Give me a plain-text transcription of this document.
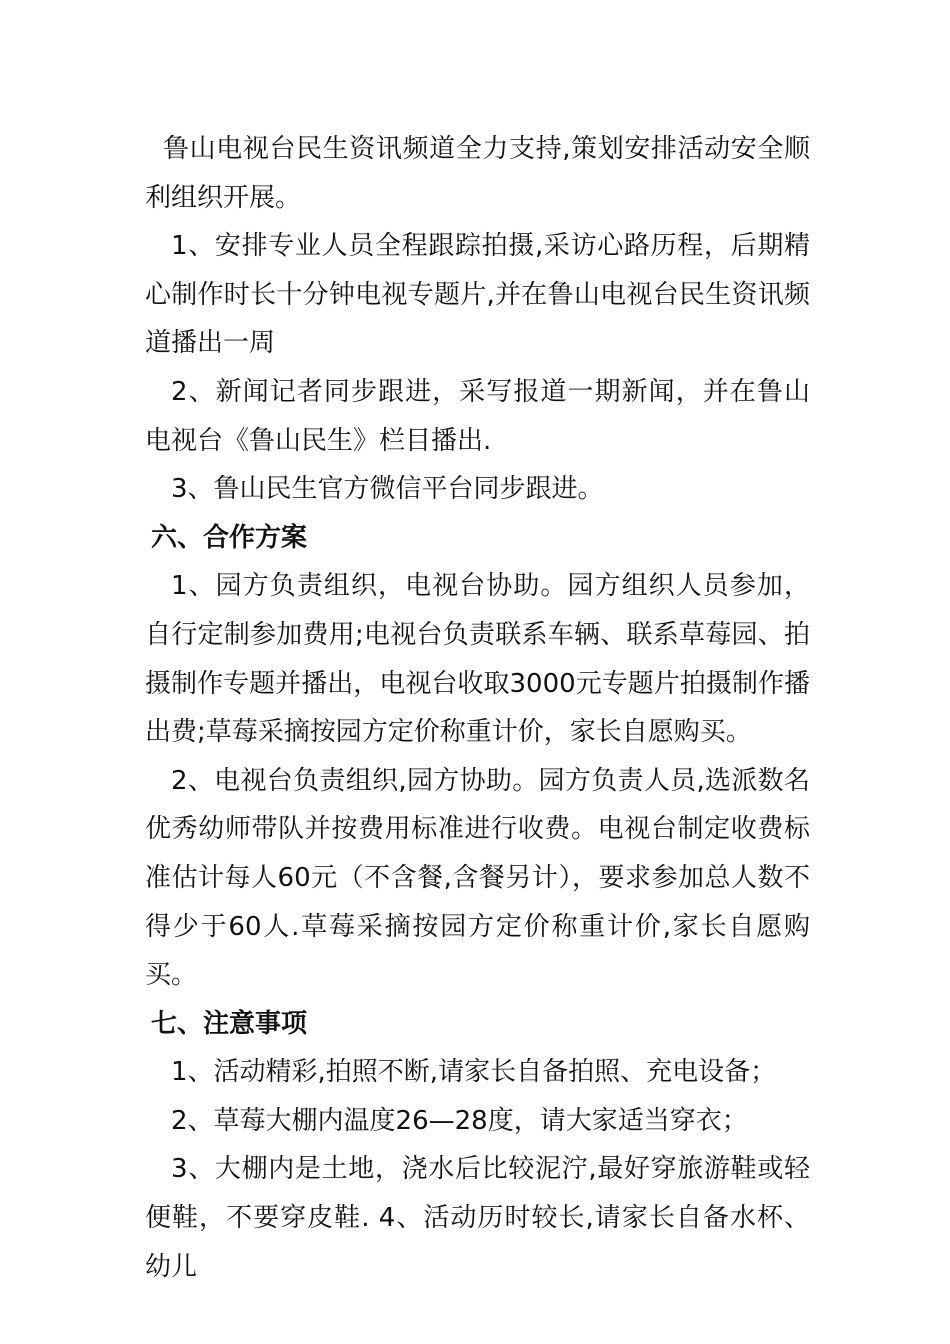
鲁山电视台民生资讯频道全力支持,策划安排活动安全顺利组织开展。

1、安排专业人员全程跟踪拍摄,采访心路历程，后期精心制作时长十分钟电视专题片,并在鲁山电视台民生资讯频道播出一周

2、新闻记者同步跟进，采写报道一期新闻，并在鲁山电视台《鲁山民生》栏目播出.

3、鲁山民生官方微信平台同步跟进。

六、合作方案

1、园方负责组织，电视台协助。园方组织人员参加，自行定制参加费用;电视台负责联系车辆、联系草莓园、拍摄制作专题并播出，电视台收取3000元专题片拍摄制作播出费;草莓采摘按园方定价称重计价，家长自愿购买。

2、电视台负责组织,园方协助。园方负责人员,选派数名优秀幼师带队并按费用标准进行收费。电视台制定收费标准估计每人60元（不含餐,含餐另计），要求参加总人数不得少于60人.草莓采摘按园方定价称重计价,家长自愿购买。

七、注意事项

1、活动精彩,拍照不断,请家长自备拍照、充电设备；

2、草莓大棚内温度26—28度，请大家适当穿衣；

3、大棚内是土地，浇水后比较泥泞,最好穿旅游鞋或轻便鞋，不要穿皮鞋. 4、活动历时较长,请家长自备水杯、幼儿
